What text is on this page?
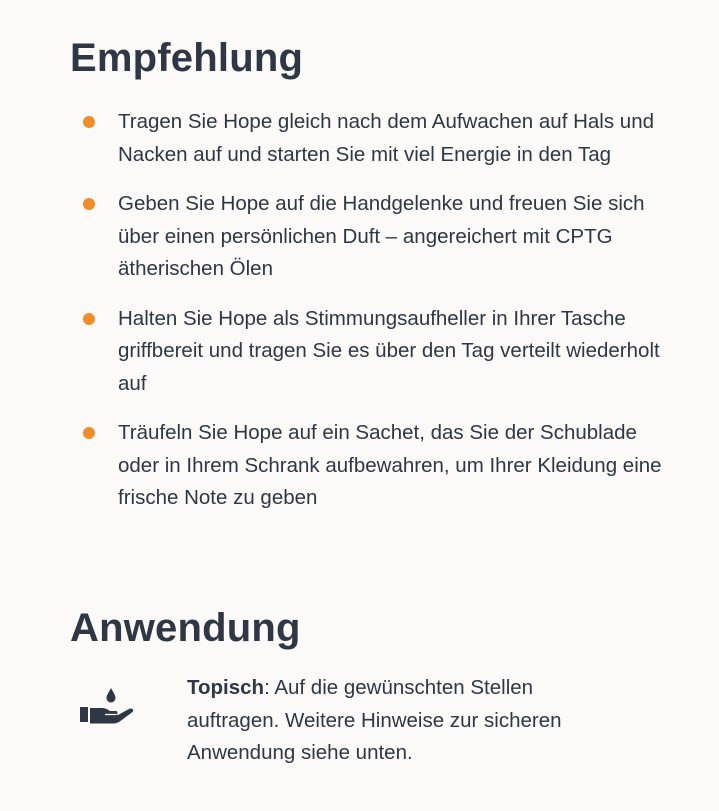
Empfehlung
Tragen Sie Hope gleich nach dem Aufwachen auf Hals und Nacken auf und starten Sie mit viel Energie in den Tag
Geben Sie Hope auf die Handgelenke und freuen Sie sich über einen persönlichen Duft – angereichert mit CPTG ätherischen Ölen
Halten Sie Hope als Stimmungsaufheller in Ihrer Tasche griffbereit und tragen Sie es über den Tag verteilt wiederholt auf
Träufeln Sie Hope auf ein Sachet, das Sie der Schublade oder in Ihrem Schrank aufbewahren, um Ihrer Kleidung eine frische Note zu geben
Anwendung
Topisch: Auf die gewünschten Stellen auftragen. Weitere Hinweise zur sicheren Anwendung siehe unten.
